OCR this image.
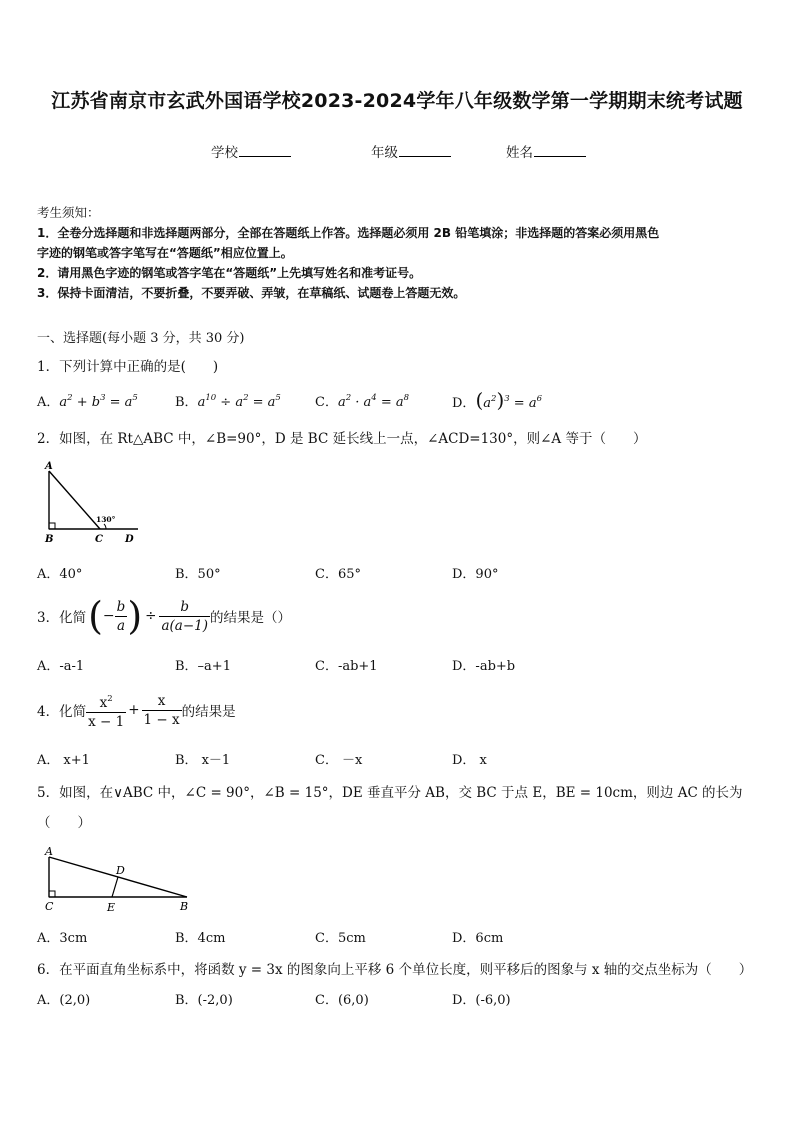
江苏省南京市玄武外国语学校2023-2024学年八年级数学第一学期期末统考试题
学校	年级	姓名

考生须知：

1．全卷分选择题和非选择题两部分，全部在答题纸上作答。选择题必须用 2B 铅笔填涂；非选择题的答案必须用黑色

字迹的钢笔或答字笔写在“答题纸”相应位置上。

2．请用黑色字迹的钢笔或答字笔在“答题纸”上先填写姓名和准考证号。

3．保持卡面清洁，不要折叠，不要弄破、弄皱，在草稿纸、试题卷上答题无效。

一、选择题(每小题 3 分，共 30 分)
1．下列计算中正确的是(　　)
A．$a^2 + b^3 = a^5$	B．$a^{10} \div a^2 = a^5$	C．$a^2 \cdot a^4 = a^8$	D．$(a^2)^3 = a^6$
2．如图，在 Rt△ABC 中，∠B=90°，D 是 BC 延长线上一点，∠ACD=130°，则∠A 等于（　　）
A
B	C D
130°
A．40°	B．50°	C．65°	D．90°
3．化简 ( − $\frac{b}{a}$ ) ÷ $\frac{b}{a(a-1)}$ 的结果是（）
A．-a-1	B．–a+1	C．-ab+1	D．-ab+b
4．化简 $\frac{x^2}{x - 1} + \frac{x}{1 - x}$ 的结果是
A． x+1	B． x－1	C． －x	D． x
5．如图，在∨ABC 中，∠C = 90°，∠B = 15°，DE 垂直平分 AB，交 BC 于点 E，BE = 10cm，则边 AC 的长为
（　　）
A
C
D
E	B
A．3cm	B．4cm	C．5cm	D．6cm
6．在平面直角坐标系中，将函数 y = 3x 的图象向上平移 6 个单位长度，则平移后的图象与 x 轴的交点坐标为（　　）
A．(2,0)	B．(-2,0)	C．(6,0)	D．(-6,0)
